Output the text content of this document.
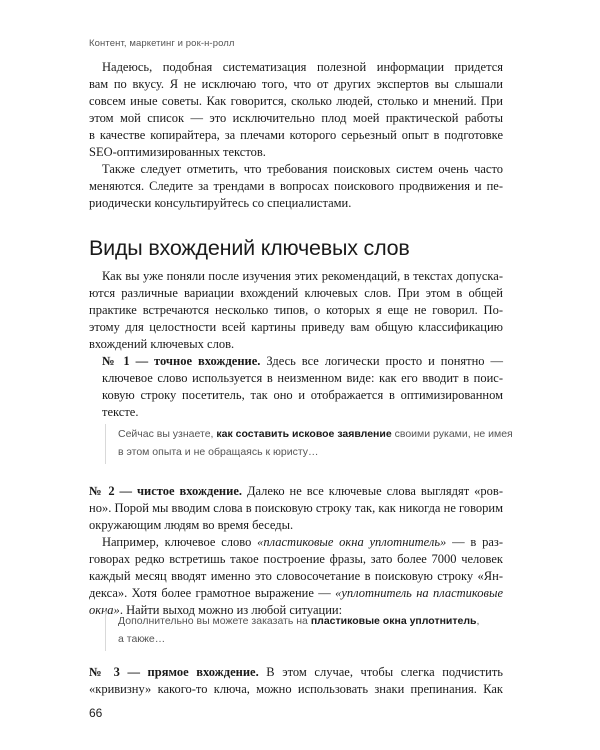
Контент, маркетинг и рок-н-ролл
Надеюсь, подобная систематизация полезной информации придется
вам по вкусу. Я не исключаю того, что от других экспертов вы слышали
совсем иные советы. Как говорится, сколько людей, столько и мнений. При
этом мой список — это исключительно плод моей практической работы
в качестве копирайтера, за плечами которого серьезный опыт в подготовке
SEO-оптимизированных текстов.
Также следует отметить, что требования поисковых систем очень часто
меняются. Следите за трендами в вопросах поискового продвижения и пе-
риодически консультируйтесь со специалистами.
Виды вхождений ключевых слов
Как вы уже поняли после изучения этих рекомендаций, в текстах допуска-
ются различные вариации вхождений ключевых слов. При этом в общей
практике встречаются несколько типов, о которых я еще не говорил. По-
этому для целостности всей картины приведу вам общую классификацию
вхождений ключевых слов.
№ 1 — точное вхождение. Здесь все логически просто и понятно —
ключевое слово используется в неизменном виде: как его вводит в поис-
ковую строку посетитель, так оно и отображается в оптимизированном
тексте.
Сейчас вы узнаете, как составить исковое заявление своими руками, не имея
в этом опыта и не обращаясь к юристу…
№ 2 — чистое вхождение. Далеко не все ключевые слова выглядят «ров-
но». Порой мы вводим слова в поисковую строку так, как никогда не говорим
окружающим людям во время беседы.
Например, ключевое слово «пластиковые окна уплотнитель» — в раз-
говорах редко встретишь такое построение фразы, зато более 7000 человек
каждый месяц вводят именно это словосочетание в поисковую строку «Ян-
декса». Хотя более грамотное выражение — «уплотнитель на пластиковые
окна». Найти выход можно из любой ситуации:
Дополнительно вы можете заказать на пластиковые окна уплотнитель,
а также…
№ 3 — прямое вхождение. В этом случае, чтобы слегка подчистить
«кривизну» какого-то ключа, можно использовать знаки препинания. Как
66
